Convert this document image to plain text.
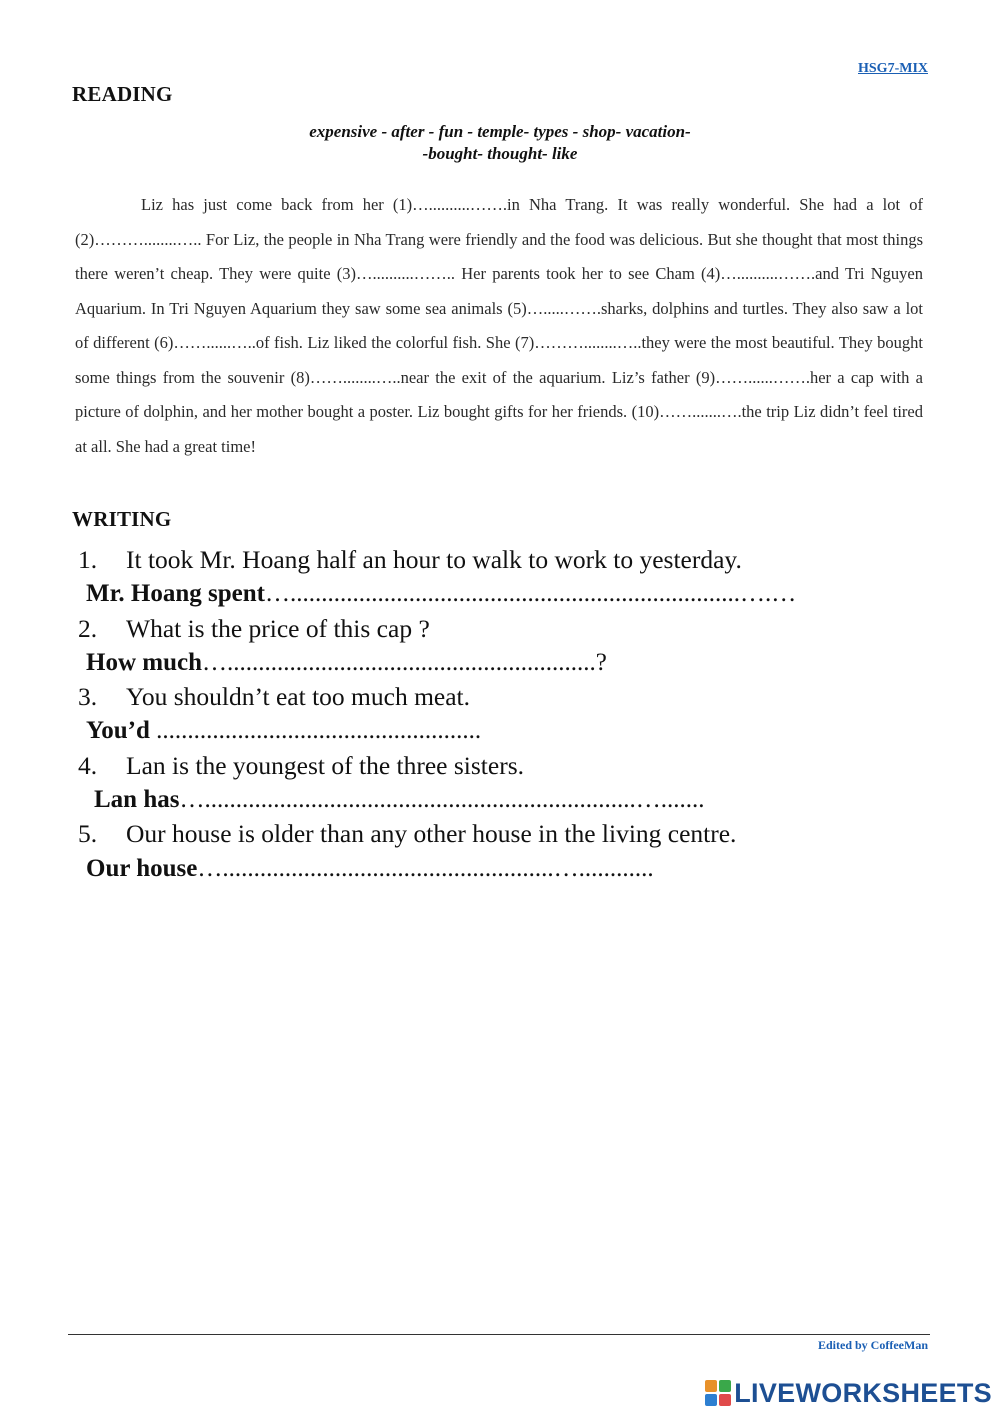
HSG7-MIX
READING
expensive - after - fun - temple- types - shop- vacation-
-bought- thought- like

Liz has just come back from her (1)…..........…….in Nha Trang. It was really wonderful. She had a lot of (2)………........….. For Liz, the people in Nha Trang were friendly and the food was delicious. But she thought that most things there weren’t cheap. They were quite (3)…..........…….. Her parents took her to see Cham (4)…..........…….and Tri Nguyen Aquarium. In Tri Nguyen Aquarium they saw some sea animals (5)….....…….sharks, dolphins and turtles. They also saw a lot of different (6)……......…..of fish. Liz liked the colorful fish. She (7)………........…..they were the most beautiful. They bought some things from the souvenir (8)……........…..near the exit of the aquarium. Liz’s father (9)……......…….her a cap with a picture of dolphin, and her mother bought a poster. Liz bought gifts for her friends. (10)…….......….the trip Liz didn’t feel tired at all. She had a great time!

WRITING
1. It took Mr. Hoang half an hour to walk to work to yesterday.
Mr. Hoang spent…........................................................................….…
2. What is the price of this cap ?
How much…...........................................................?
3. You shouldn’t eat too much meat.
You’d ....................................................
4. Lan is the youngest of the three sisters.
Lan has….....................................................................….......
5. Our house is older than any other house in the living centre.
Our house….....................................................…............
Edited by CoffeeMan
LIVEWORKSHEETS
